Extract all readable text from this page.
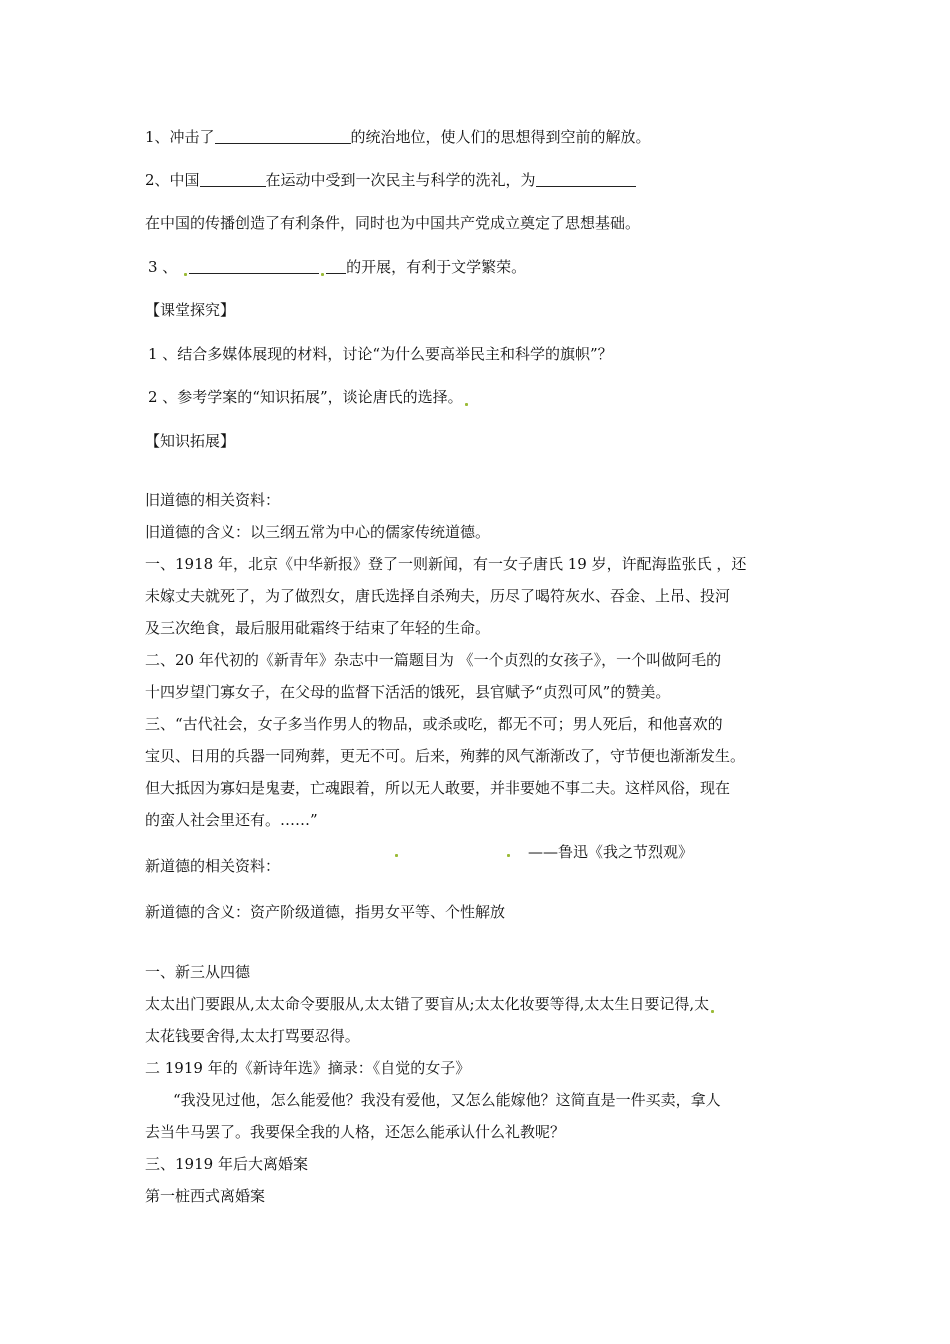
1、冲击了	的统治地位，使人们的思想得到空前的解放。
2、中国	在运动中受到一次民主与科学的洗礼，为
在中国的传播创造了有利条件，同时也为中国共产党成立奠定了思想基础。
3 、	的开展，有利于文学繁荣。
【课堂探究】
1 、结合多媒体展现的材料，讨论“为什么要高举民主和科学的旗帜”？
2 、参考学案的“知识拓展”，谈论唐氏的选择。
【知识拓展】
旧道德的相关资料：
旧道德的含义：以三纲五常为中心的儒家传统道德。
一、1918 年，北京《中华新报》登了一则新闻，有一女子唐氏 19 岁，许配海监张氏 ，还
未嫁丈夫就死了，为了做烈女，唐氏选择自杀殉夫，历尽了喝符灰水、吞金、上吊、投河
及三次绝食，最后服用砒霜终于结束了年轻的生命。
二、20 年代初的《新青年》杂志中一篇题目为 《一个贞烈的女孩子》，一个叫做阿毛的
十四岁望门寡女子，在父母的监督下活活的饿死，县官赋予“贞烈可风”的赞美。
三、“古代社会，女子多当作男人的物品，或杀或吃，都无不可；男人死后，和他喜欢的
宝贝、日用的兵器一同殉葬，更无不可。后来，殉葬的风气渐渐改了，守节便也渐渐发生。
但大抵因为寡妇是鬼妻，亡魂跟着，所以无人敢要，并非要她不事二夫。这样风俗，现在
的蛮人社会里还有。……”
——鲁迅《我之节烈观》
新道德的相关资料：
新道德的含义：资产阶级道德，指男女平等、个性解放
一、新三从四德
太太出门要跟从,太太命令要服从,太太错了要盲从;太太化妆要等得,太太生日要记得,太
太花钱要舍得,太太打骂要忍得。
二 1919 年的《新诗年选》摘录：《自觉的女子》
“我没见过他，怎么能爱他？我没有爱他，又怎么能嫁他？这简直是一件买卖，拿人
去当牛马罢了。我要保全我的人格，还怎么能承认什么礼教呢？
三、1919 年后大离婚案
第一桩西式离婚案
